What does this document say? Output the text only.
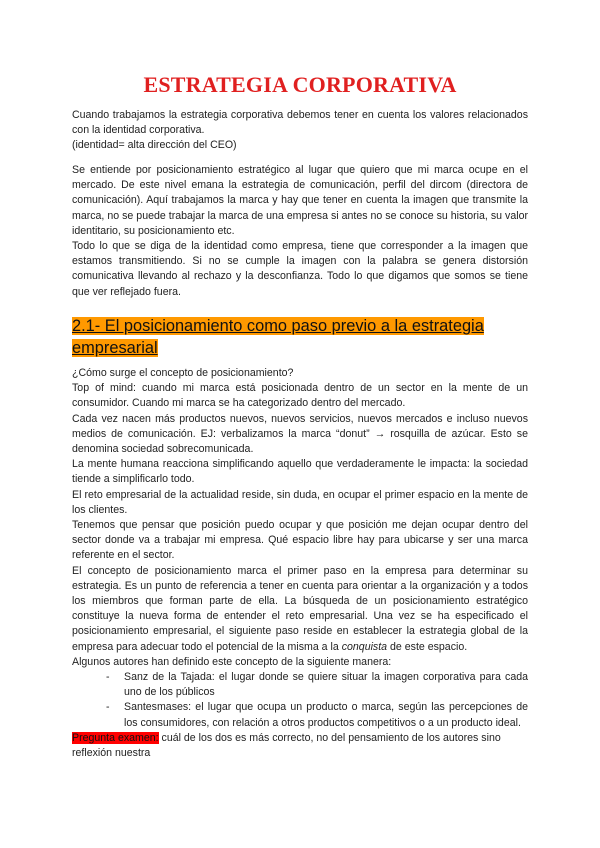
ESTRATEGIA CORPORATIVA

Cuando trabajamos la estrategia corporativa debemos tener en cuenta los valores relacionados con la identidad corporativa.

(identidad= alta dirección del CEO)

Se entiende por posicionamiento estratégico al lugar que quiero que mi marca ocupe en el mercado. De este nivel emana la estrategia de comunicación, perfil del dircom (directora de comunicación). Aquí trabajamos la marca y hay que tener en cuenta la imagen que transmite la marca, no se puede trabajar la marca de una empresa si antes no se conoce su historia, su valor identitario, su posicionamiento etc.

Todo lo que se diga de la identidad como empresa, tiene que corresponder a la imagen que estamos transmitiendo. Si no se cumple la imagen con la palabra se genera distorsión comunicativa llevando al rechazo y la desconfianza. Todo lo que digamos que somos se tiene que ver reflejado fuera.

2.1- El posicionamiento como paso previo a la estrategia empresarial

¿Cómo surge el concepto de posicionamiento?

Top of mind: cuando mi marca está posicionada dentro de un sector en la mente de un consumidor. Cuando mi marca se ha categorizado dentro del mercado.

Cada vez nacen más productos nuevos, nuevos servicios, nuevos mercados e incluso nuevos medios de comunicación. EJ: verbalizamos la marca “donut” → rosquilla de azúcar. Esto se denomina sociedad sobrecomunicada.

La mente humana reacciona simplificando aquello que verdaderamente le impacta: la sociedad tiende a simplificarlo todo.

El reto empresarial de la actualidad reside, sin duda, en ocupar el primer espacio en la mente de los clientes.

Tenemos que pensar que posición puedo ocupar y que posición me dejan ocupar dentro del sector donde va a trabajar mi empresa. Qué espacio libre hay para ubicarse y ser una marca referente en el sector.

El concepto de posicionamiento marca el primer paso en la empresa para determinar su estrategia. Es un punto de referencia a tener en cuenta para orientar a la organización y a todos los miembros que forman parte de ella. La búsqueda de un posicionamiento estratégico constituye la nueva forma de entender el reto empresarial. Una vez se ha especificado el posicionamiento empresarial, el siguiente paso reside en establecer la estrategia global de la empresa para adecuar todo el potencial de la misma a la conquista de este espacio.

Algunos autores han definido este concepto de la siguiente manera:

- Sanz de la Tajada: el lugar donde se quiere situar la imagen corporativa para cada uno de los públicos
- Santesmases: el lugar que ocupa un producto o marca, según las percepciones de los consumidores, con relación a otros productos competitivos o a un producto ideal.

Pregunta examen: cuál de los dos es más correcto, no del pensamiento de los autores sino reflexión nuestra
